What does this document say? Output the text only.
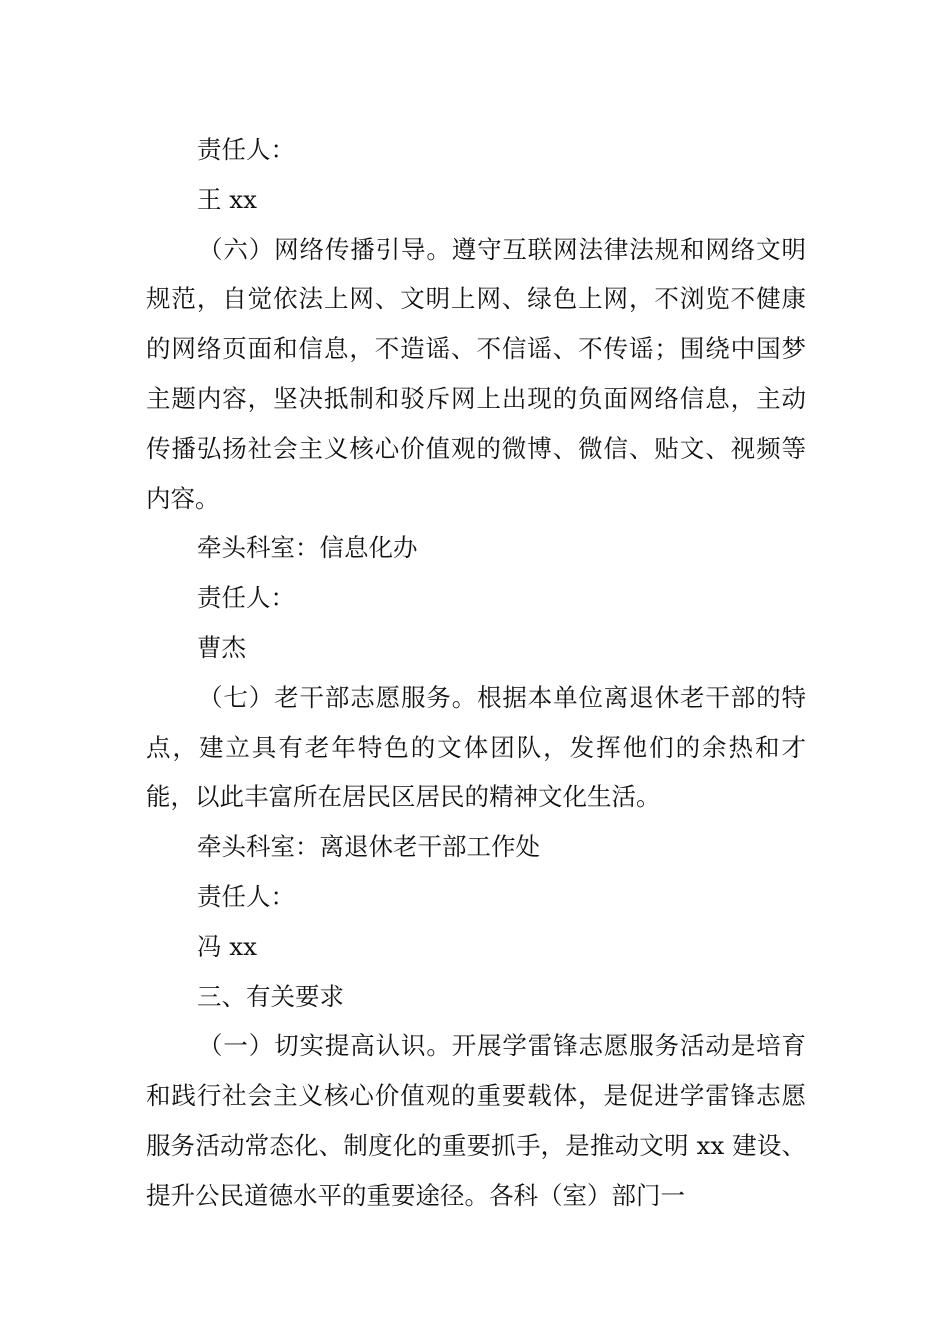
责任人：

王 xx

（六）网络传播引导。遵守互联网法律法规和网络文明规范，自觉依法上网、文明上网、绿色上网，不浏览不健康的网络页面和信息，不造谣、不信谣、不传谣；围绕中国梦主题内容，坚决抵制和驳斥网上出现的负面网络信息，主动传播弘扬社会主义核心价值观的微博、微信、贴文、视频等内容。

牵头科室：信息化办

责任人：

曹杰

（七）老干部志愿服务。根据本单位离退休老干部的特点，建立具有老年特色的文体团队，发挥他们的余热和才能，以此丰富所在居民区居民的精神文化生活。

牵头科室：离退休老干部工作处

责任人：

冯 xx

三、有关要求

（一）切实提高认识。开展学雷锋志愿服务活动是培育和践行社会主义核心价值观的重要载体，是促进学雷锋志愿服务活动常态化、制度化的重要抓手，是推动文明 xx 建设、提升公民道德水平的重要途径。各科（室）部门一
